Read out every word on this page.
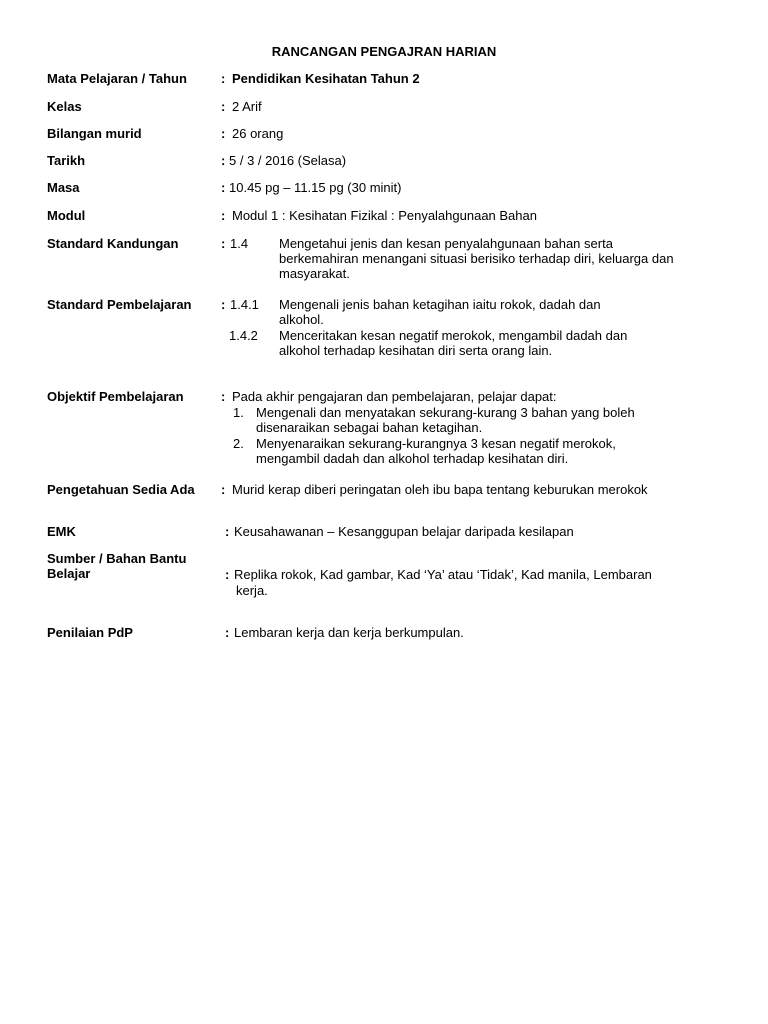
RANCANGAN PENGAJRAN HARIAN
Mata Pelajaran / Tahun	: Pendidikan Kesihatan Tahun 2
Kelas	: 2 Arif
Bilangan murid	: 26 orang
Tarikh	: 5 / 3 / 2016 (Selasa)
Masa	: 10.45 pg – 11.15 pg (30 minit)
Modul	: Modul 1 : Kesihatan Fizikal : Penyalahgunaan Bahan
Standard Kandungan	: 1.4 Mengetahui jenis dan kesan penyalahgunaan bahan serta
berkemahiran menangani situasi berisiko terhadap diri, keluarga dan
masyarakat.
Standard Pembelajaran : 1.4.1 Mengenali jenis bahan ketagihan iaitu rokok, dadah dan
alkohol.
1.4.2 Menceritakan kesan negatif merokok, mengambil dadah dan
alkohol terhadap kesihatan diri serta orang lain.
Objektif Pembelajaran	: Pada akhir pengajaran dan pembelajaran, pelajar dapat:
1. Mengenali dan menyatakan sekurang-kurang 3 bahan yang boleh
disenaraikan sebagai bahan ketagihan.
2. Menyenaraikan sekurang-kurangnya 3 kesan negatif merokok,
mengambil dadah dan alkohol terhadap kesihatan diri.
Pengetahuan Sedia Ada : Murid kerap diberi peringatan oleh ibu bapa tentang keburukan merokok
EMK	: Keusahawanan – Kesanggupan belajar daripada kesilapan
Sumber / Bahan Bantu
Belajar	: Replika rokok, Kad gambar, Kad ‘Ya’ atau ‘Tidak’, Kad manila, Lembaran
kerja.
Penilaian PdP	: Lembaran kerja dan kerja berkumpulan.
